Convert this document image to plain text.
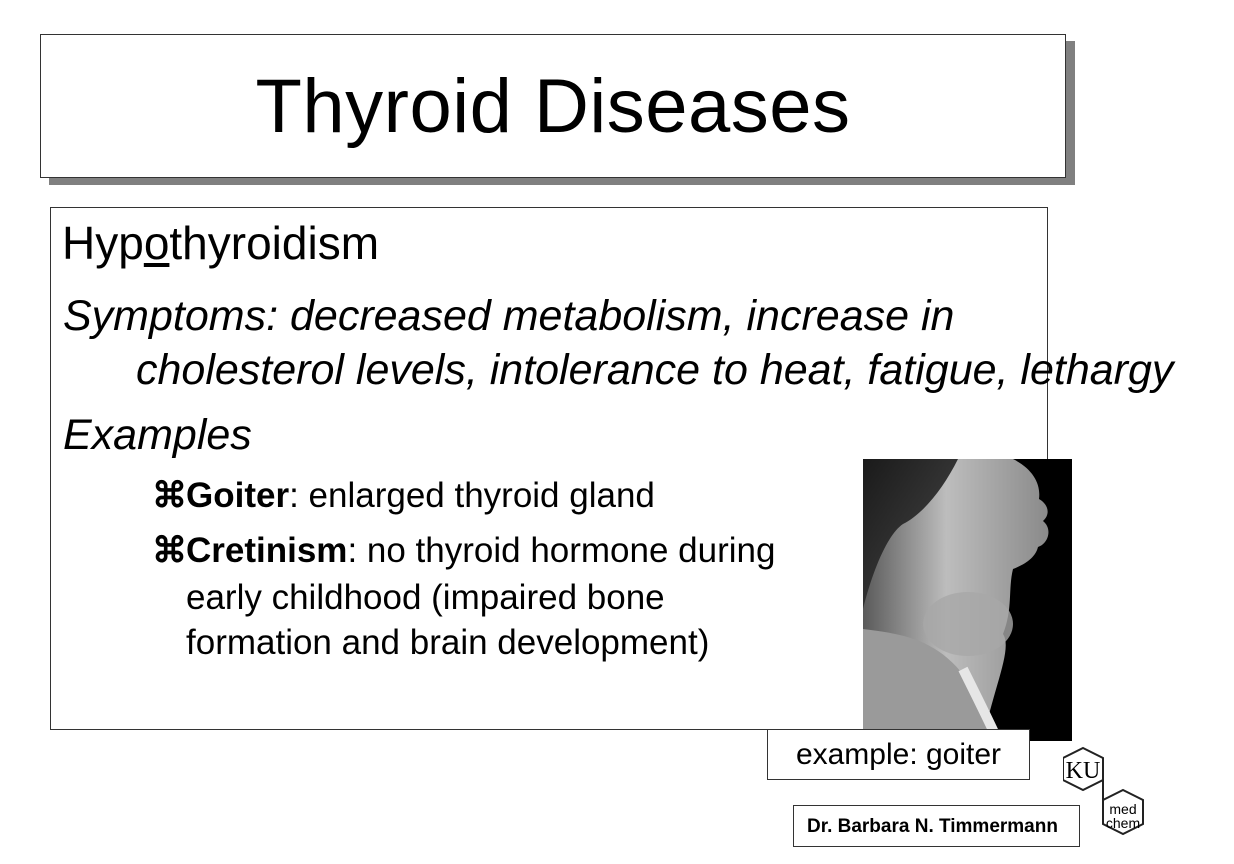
Thyroid Diseases
Hypothyroidism
Symptoms: decreased metabolism, increase in
cholesterol levels, intolerance to heat, fatigue, lethargy
Examples
⌘Goiter: enlarged thyroid gland
⌘Cretinism: no thyroid hormone during
early childhood (impaired bone
formation and brain development)
example: goiter
Dr. Barbara N. Timmermann
KU
med
chem
